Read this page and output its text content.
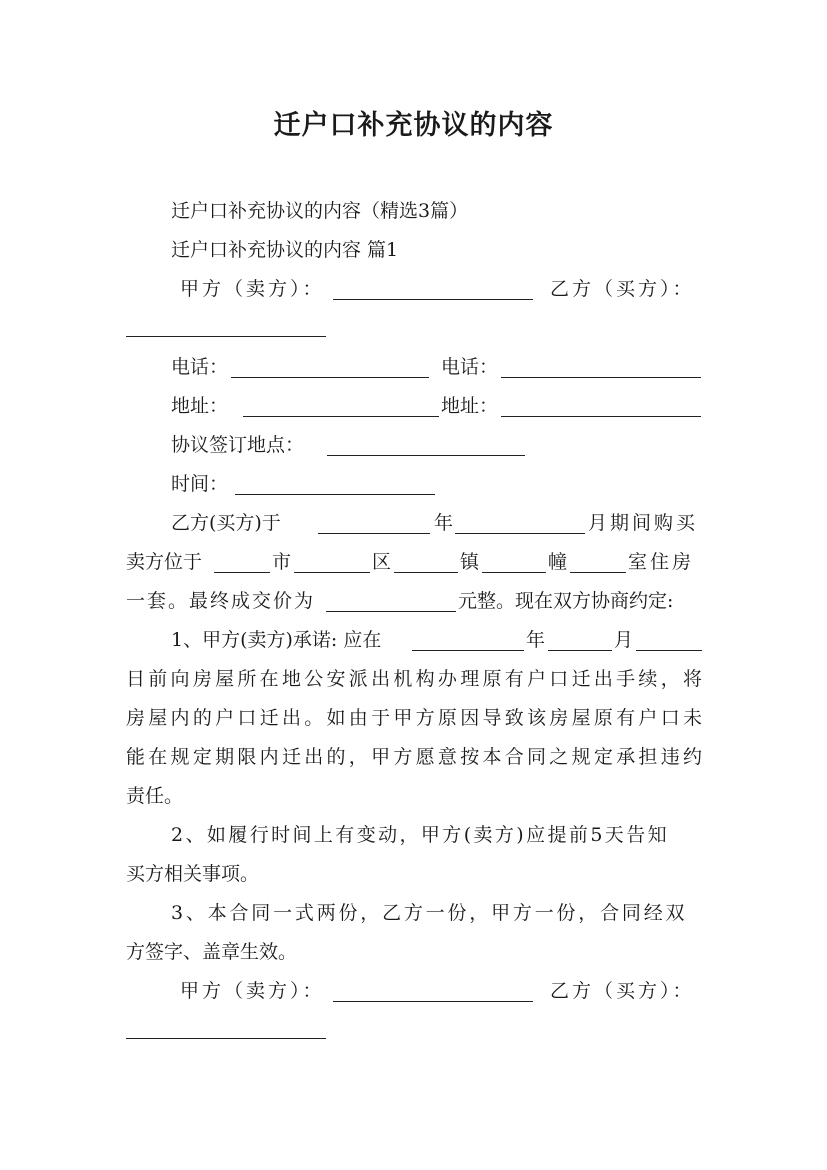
迁户口补充协议的内容
迁户口补充协议的内容（精选3篇）
迁户口补充协议的内容 篇1
甲方（卖方）：	乙方（买方）：
电话：	电话：
地址：	地址：
协议签订地点：
时间：
乙方(买方)于	年	月期间购买
卖方位于	市	区	镇	幢	室住房
一套。最终成交价为	元整。现在双方协商约定:
1、甲方(卖方)承诺: 应在	年	月
日前向房屋所在地公安派出机构办理原有户口迁出手续，将
房屋内的户口迁出。如由于甲方原因导致该房屋原有户口未
能在规定期限内迁出的，甲方愿意按本合同之规定承担违约
责任。
2、如履行时间上有变动，甲方(卖方)应提前5天告知
买方相关事项。
3、本合同一式两份，乙方一份，甲方一份，合同经双
方签字、盖章生效。
甲方（卖方）：	乙方（买方）：
